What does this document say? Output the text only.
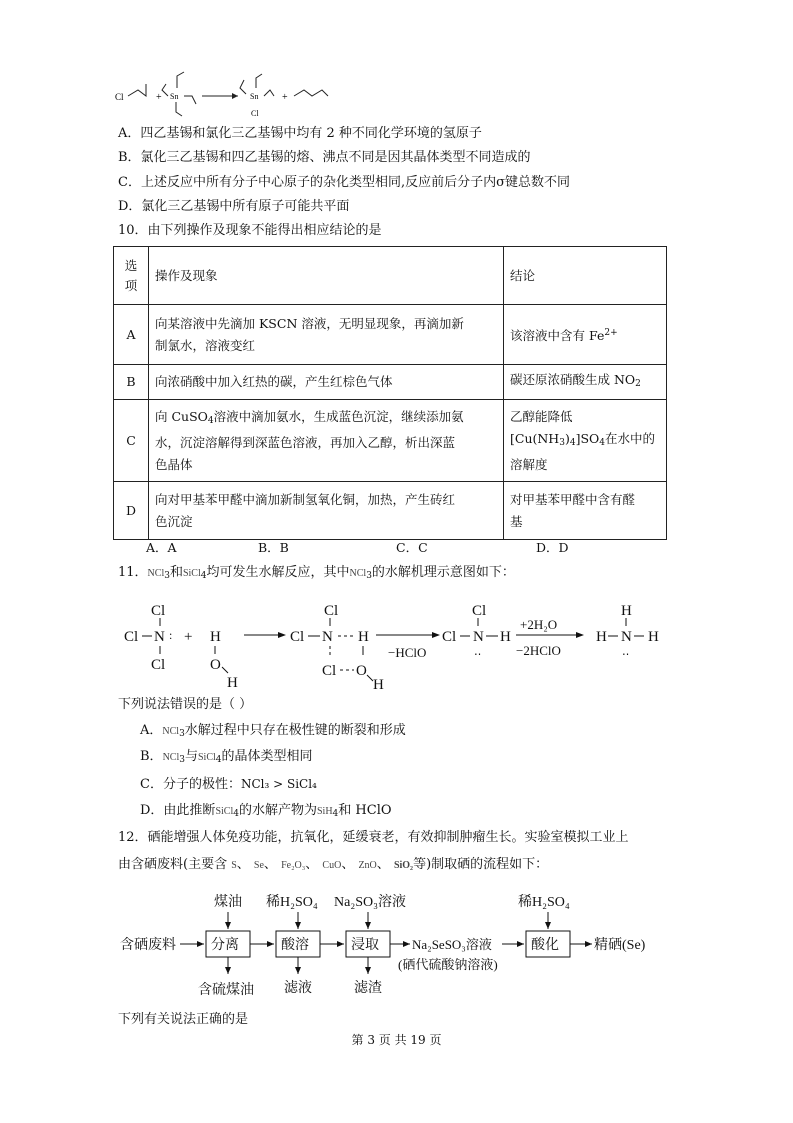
Cl	+ Sn	Sn
Cl
+
A．四乙基锡和氯化三乙基锡中均有 2 种不同化学环境的氢原子
B．氯化三乙基锡和四乙基锡的熔、沸点不同是因其晶体类型不同造成的
C．上述反应中所有分子中心原子的杂化类型相同,反应前后分子内σ键总数不同
D．氯化三乙基锡中所有原子可能共平面
10．由下列操作及现象不能得出相应结论的是
选
项	操作及现象	结论
A	向某溶液中先滴加 KSCN 溶液，无明显现象，再滴加新
制氯水，溶液变红	该溶液中含有 $Fe^{2+}$
B	向浓硝酸中加入红热的碳，产生红棕色气体	碳还原浓硝酸生成 $NO_2$
C	向 CuSO$_4$溶液中滴加氨水，生成蓝色沉淀，继续添加氨
水，沉淀溶解得到深蓝色溶液，再加入乙醇，析出深蓝
色晶体	乙醇能降低
$[Cu(NH_3)_4]SO_4$在水中的
溶解度
D	向对甲基苯甲醛中滴加新制氢氧化铜，加热，产生砖红
色沉淀	对甲基苯甲醛中含有醛
基
A．A	B．B	C．C	D．D
11．NCl$_3$和SiCl$_4$均可发生水解反应，其中NCl$_3$的水解机理示意图如下：
Cl
Cl N :
Cl
+ H
O
H
Cl
Cl N H
Cl O
H
−HClO
Cl N
Cl
‥
H
+2H₂O
−2HClO
H N
H
‥
H
下列说法错误的是（ ）
A．NCl$_3$水解过程中只存在极性键的断裂和形成
B．NCl$_3$与SiCl$_4$的晶体类型相同
C．分子的极性：NCl₃ > SiCl₄
D．由此推断SiCl$_4$的水解产物为SiH$_4$和 HClO
12．硒能增强人体免疫功能，抗氧化，延缓衰老，有效抑制肿瘤生长。实验室模拟工业上
由含硒废料(主要含 S、 Se、 Fe₂O₃、 CuO、 ZnO、 SiO₂等)制取硒的流程如下：
含硒废料	分离
煤油
含硫煤油
酸溶
稀H₂SO₄
滤液
浸取
Na₂SO₃溶液
滤渣
Na₂SeSO₃溶液
(硒代硫酸钠溶液)
酸化
稀H₂SO₄
精硒(Se)
下列有关说法正确的是
第 3 页 共 19 页
